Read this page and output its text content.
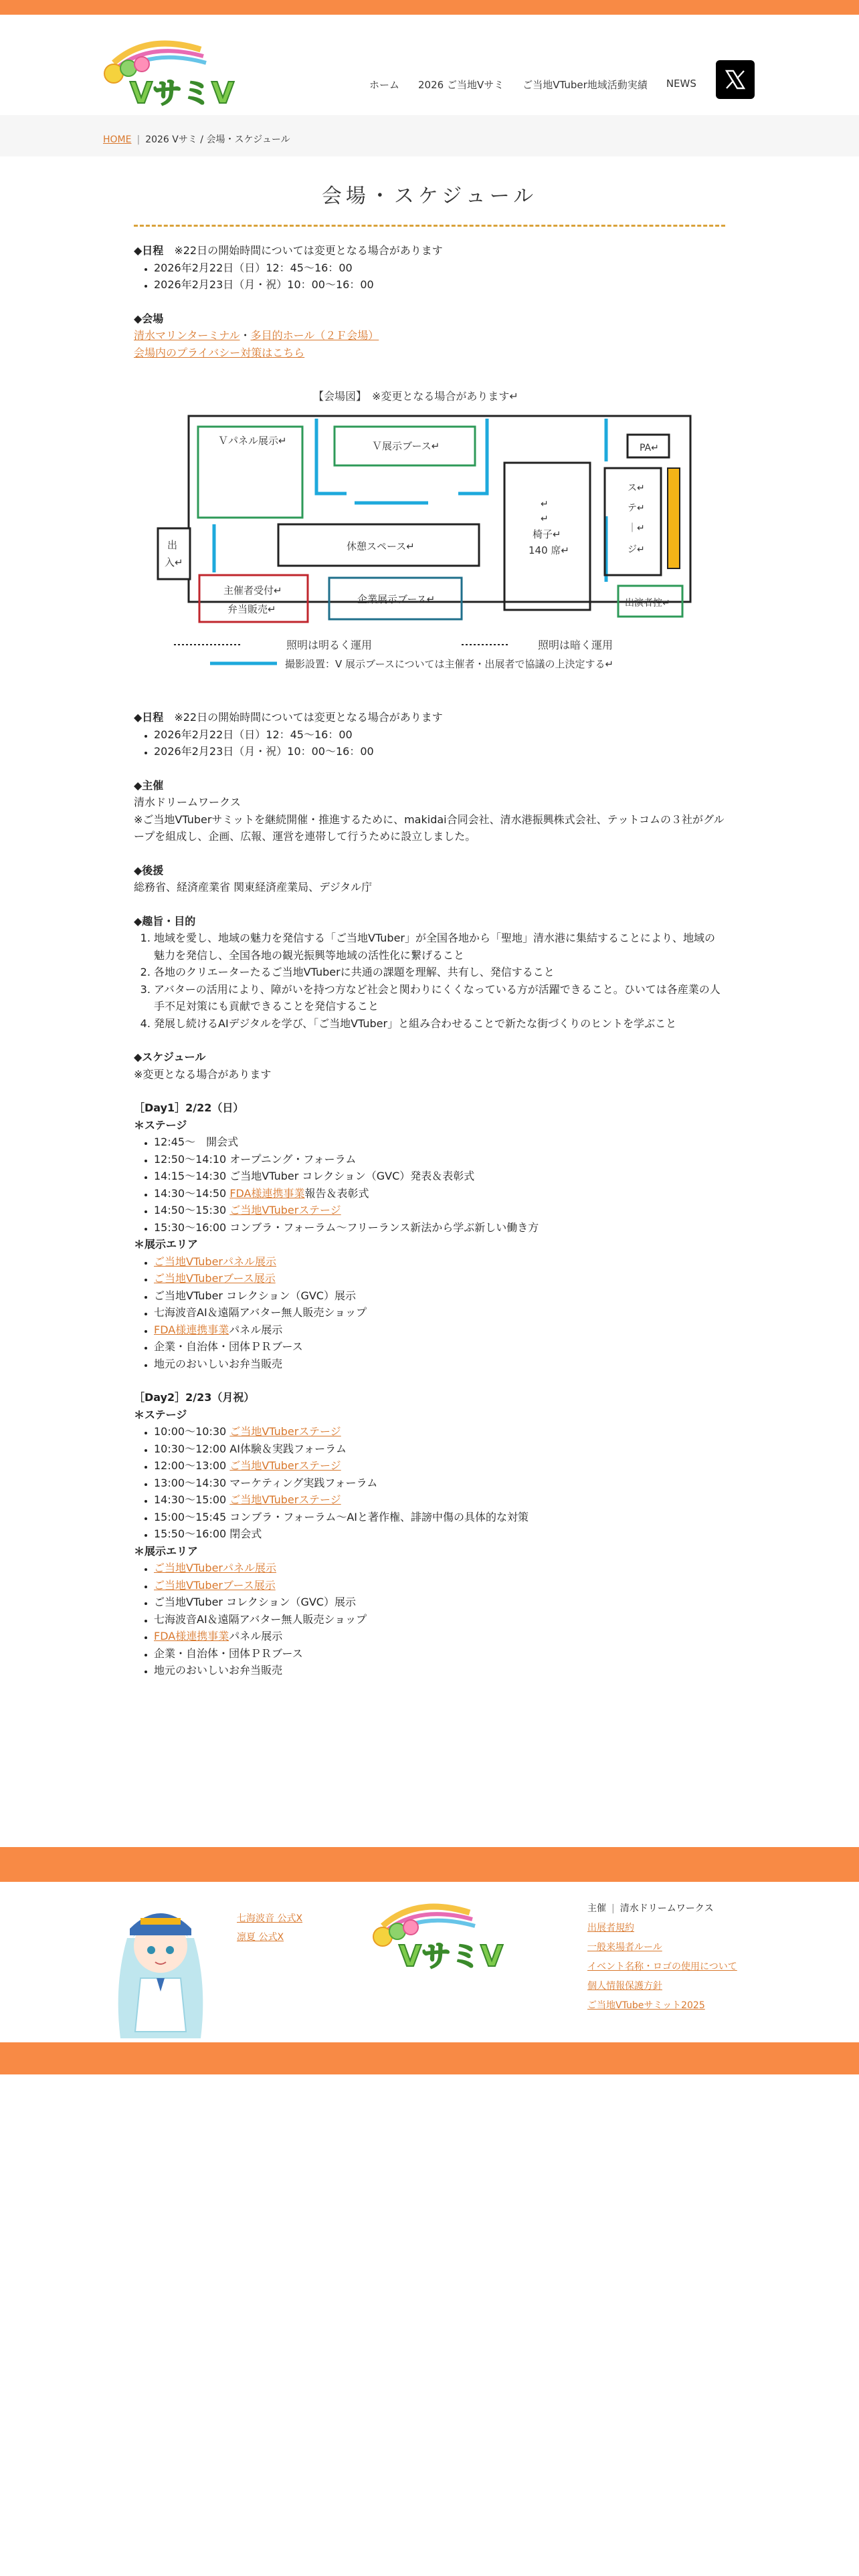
VサミV	ホーム 2026 ご当地Vサミ ご当地VTuber地域活動実績 NEWS
HOME | 2026 Vサミ / 会場・スケジュール
会場・スケジュール

◆日程　 ※22日の開始時間については変更となる場合があります

• 2026年2月22日（日）12：45〜16：00
• 2026年2月23日（月・祝）10：00〜16：00

◆会場

清水マリンターミナル・多目的ホール（２Ｆ会場）

会場内のプライバシー対策はこちら

【会場図】　※変更となる場合があります↵
Ｖパネル展示↵	Ｖ展示ブース↵
休憩スペース↵
↵
↵
椅子↵
140 席↵
PA↵
ス↵
テ↵
｜↵
ジ↵
出
入↵
主催者受付↵
弁当販売↵
企業展示ブース↵	出演者控↵
照明は明るく運用	照明は暗く運用
撮影設置：V 展示ブースについては主催者・出展者で協議の上決定する↵

◆日程　 ※22日の開始時間については変更となる場合があります

• 2026年2月22日（日）12：45〜16：00
• 2026年2月23日（月・祝）10：00〜16：00

◆主催

清水ドリームワークス

※ご当地VTuberサミットを継続開催・推進するために、makidai合同会社、清水港振興株式会社、テットコムの３社がグループを組成し、企画、広報、運営を連帯して行うために設立しました。

◆後援

総務省、経済産業省 関東経済産業局、デジタル庁

◆趣旨・目的

1. 地域を愛し、地域の魅力を発信する「ご当地VTuber」が全国各地から「聖地」清水港に集結することにより、地域の魅力を発信し、全国各地の観光振興等地域の活性化に繋げること
2. 各地のクリエーターたるご当地VTuberに共通の課題を理解、共有し、発信すること
3. アバターの活用により、障がいを持つ方など社会と関わりにくくなっている方が活躍できること。ひいては各産業の人手不足対策にも貢献できることを発信すること
4. 発展し続けるAIデジタルを学び、「ご当地VTuber」と組み合わせることで新たな街づくりのヒントを学ぶこと

◆スケジュール

※変更となる場合があります

［Day1］2/22（日）

＊ステージ

• 12:45〜　開会式
• 12:50〜14:10 オープニング・フォーラム
• 14:15〜14:30 ご当地VTuber コレクション（GVC）発表＆表彰式
• 14:30〜14:50 FDA様連携事業報告＆表彰式
• 14:50〜15:30 ご当地VTuberステージ
• 15:30〜16:00 コンブラ・フォーラム〜フリーランス新法から学ぶ新しい働き方

＊展示エリア

• ご当地VTuberパネル展示
• ご当地VTuberブース展示
• ご当地VTuber コレクション（GVC）展示
• 七海波音AI＆遠隔アバター無人販売ショップ
• FDA様連携事業パネル展示
• 企業・自治体・団体ＰＲブース
• 地元のおいしいお弁当販売

［Day2］2/23（月祝）

＊ステージ

• 10:00〜10:30 ご当地VTuberステージ
• 10:30〜12:00 AI体験＆実践フォーラム
• 12:00〜13:00 ご当地VTuberステージ
• 13:00〜14:30 マーケティング実践フォーラム
• 14:30〜15:00 ご当地VTuberステージ
• 15:00〜15:45 コンブラ・フォーラム〜AIと著作権、誹謗中傷の具体的な対策
• 15:50〜16:00 閉会式

＊展示エリア

• ご当地VTuberパネル展示
• ご当地VTuberブース展示
• ご当地VTuber コレクション（GVC）展示
• 七海波音AI＆遠隔アバター無人販売ショップ
• FDA様連携事業パネル展示
• 企業・自治体・団体ＰＲブース
• 地元のおいしいお弁当販売
七海波音 公式X
凛夏 公式X
VサミV
主催 | 清水ドリームワークス
出展者規約
一般来場者ルール
イベント名称・ロゴの使用について
個人情報保護方針
ご当地VTubeサミット2025
